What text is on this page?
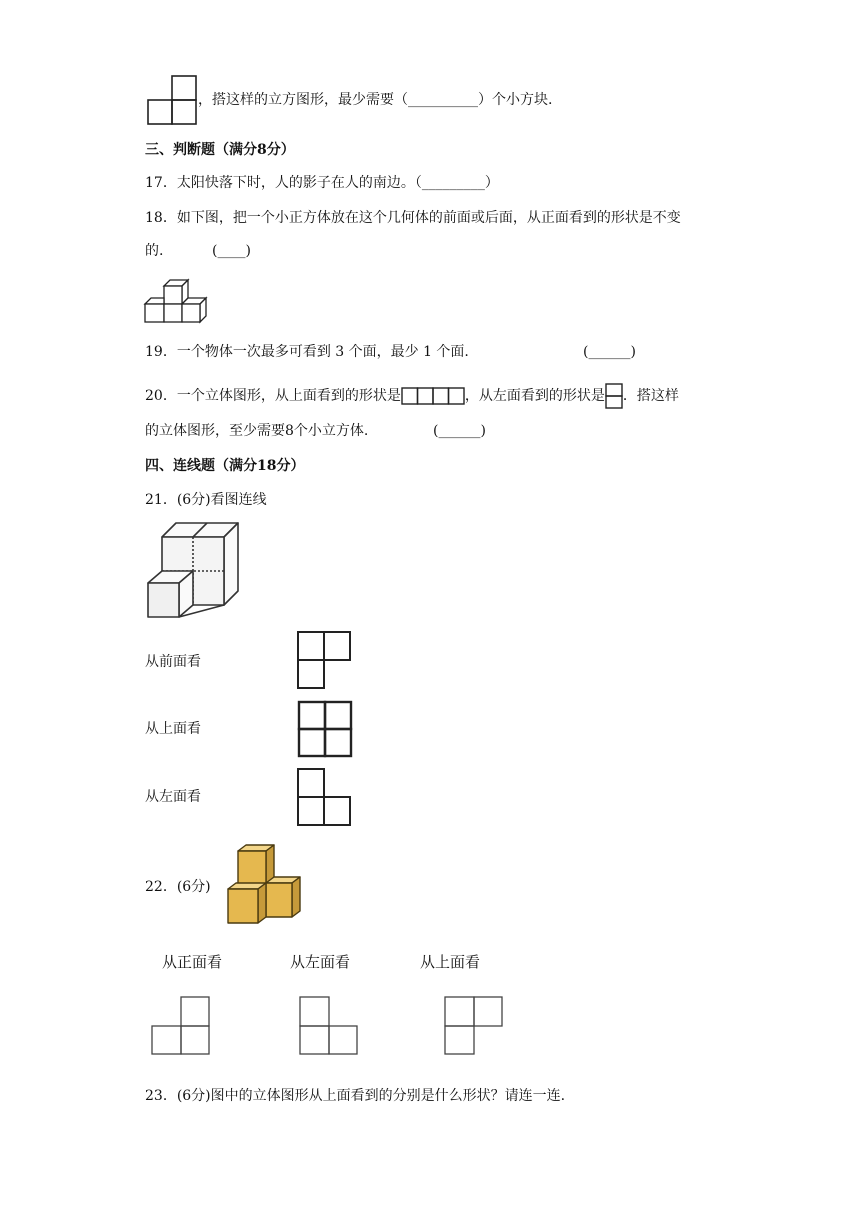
，搭这样的立方图形，最少需要（__________）个小方块.
三、判断题（满分8分）
17．太阳快落下时，人的影子在人的南边。（_________）
18．如下图，把一个小正方体放在这个几何体的前面或后面，从正面看到的形状是不变
的.	(____)
19．一个物体一次最多可看到 3 个面，最少 1 个面.	(______)
20．一个立体图形，从上面看到的形状是	，从左面看到的形状是 ．搭这样
的立体图形，至少需要8个小立方体.	(______)
四、连线题（满分18分）
21．(6分)看图连线
从前面看
从上面看
从左面看
22．(6分)
从正面看	从左面看	从上面看
23．(6分)图中的立体图形从上面看到的分别是什么形状？请连一连.
